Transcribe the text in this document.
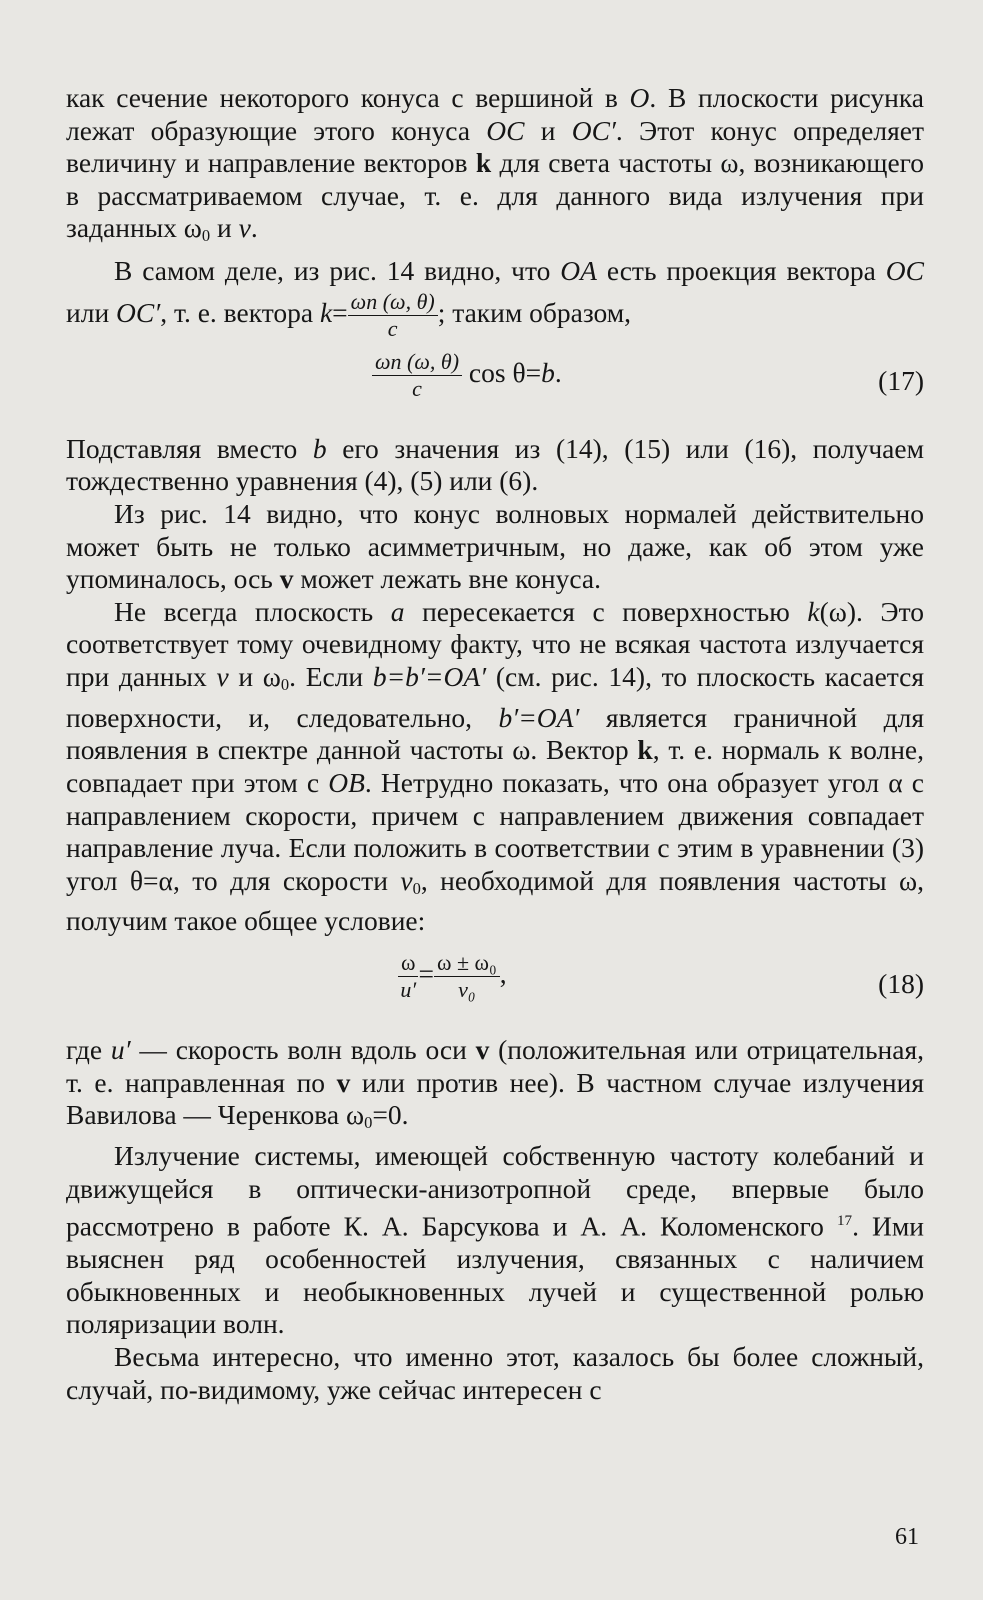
как сечение некоторого конуса с вершиной в O. В плоскости рисунка лежат образующие этого конуса OC и OC′. Этот конус определяет величину и направление векторов k для света частоты ω, возникающего в рассматриваемом случае, т. е. для данного вида излучения при заданных $\omega_0$ и v.

В самом деле, из рис. 14 видно, что OA есть проекция вектора OC или OC′, т. е. вектора $k= \frac{\omega n (\omega, \theta)}{c}$ ; таким образом,

$\frac{\omega n (\omega, \theta)}{c}$ cos θ=b.	(17)

Подставляя вместо b его значения из (14), (15) или (16), получаем тождественно уравнения (4), (5) или (6).

Из рис. 14 видно, что конус волновых нормалей действительно может быть не только асимметричным, но даже, как об этом уже упоминалось, ось v может лежать вне конуса.

Не всегда плоскость a пересекается с поверхностью k(ω). Это соответствует тому очевидному факту, что не всякая частота излучается при данных v и $\omega_0$. Если b=b′=OA′ (см. рис. 14), то плоскость касается поверхности, и, следовательно, b′=OA′ является граничной для появления в спектре данной частоты ω. Вектор k, т. е. нормаль к волне, совпадает при этом с OB. Нетрудно показать, что она образует угол α с направлением скорости, причем с направлением движения совпадает направление луча. Если положить в соответствии с этим в уравнении (3) угол θ=α, то для скорости $v_0$, необходимой для появления частоты ω, получим такое общее условие:

$\frac{\omega}{u'} = \frac{\text{ω ± ω₀}}{\text{v₀}}$ ,	(18)

где u′ — скорость волн вдоль оси v (положительная или отрицательная, т. е. направленная по v или против нее). В частном случае излучения Вавилова — Черенкова $\omega_0=0$.

Излучение системы, имеющей собственную частоту колебаний и движущейся в оптически-анизотропной среде, впервые было рассмотрено в работе К. А. Барсукова и А. А. Коломенского $^{17}$. Ими выяснен ряд особенностей излучения, связанных с наличием обыкновенных и необыкновенных лучей и существенной ролью поляризации волн.

Весьма интересно, что именно этот, казалось бы более сложный, случай, по-видимому, уже сейчас интересен с

61
